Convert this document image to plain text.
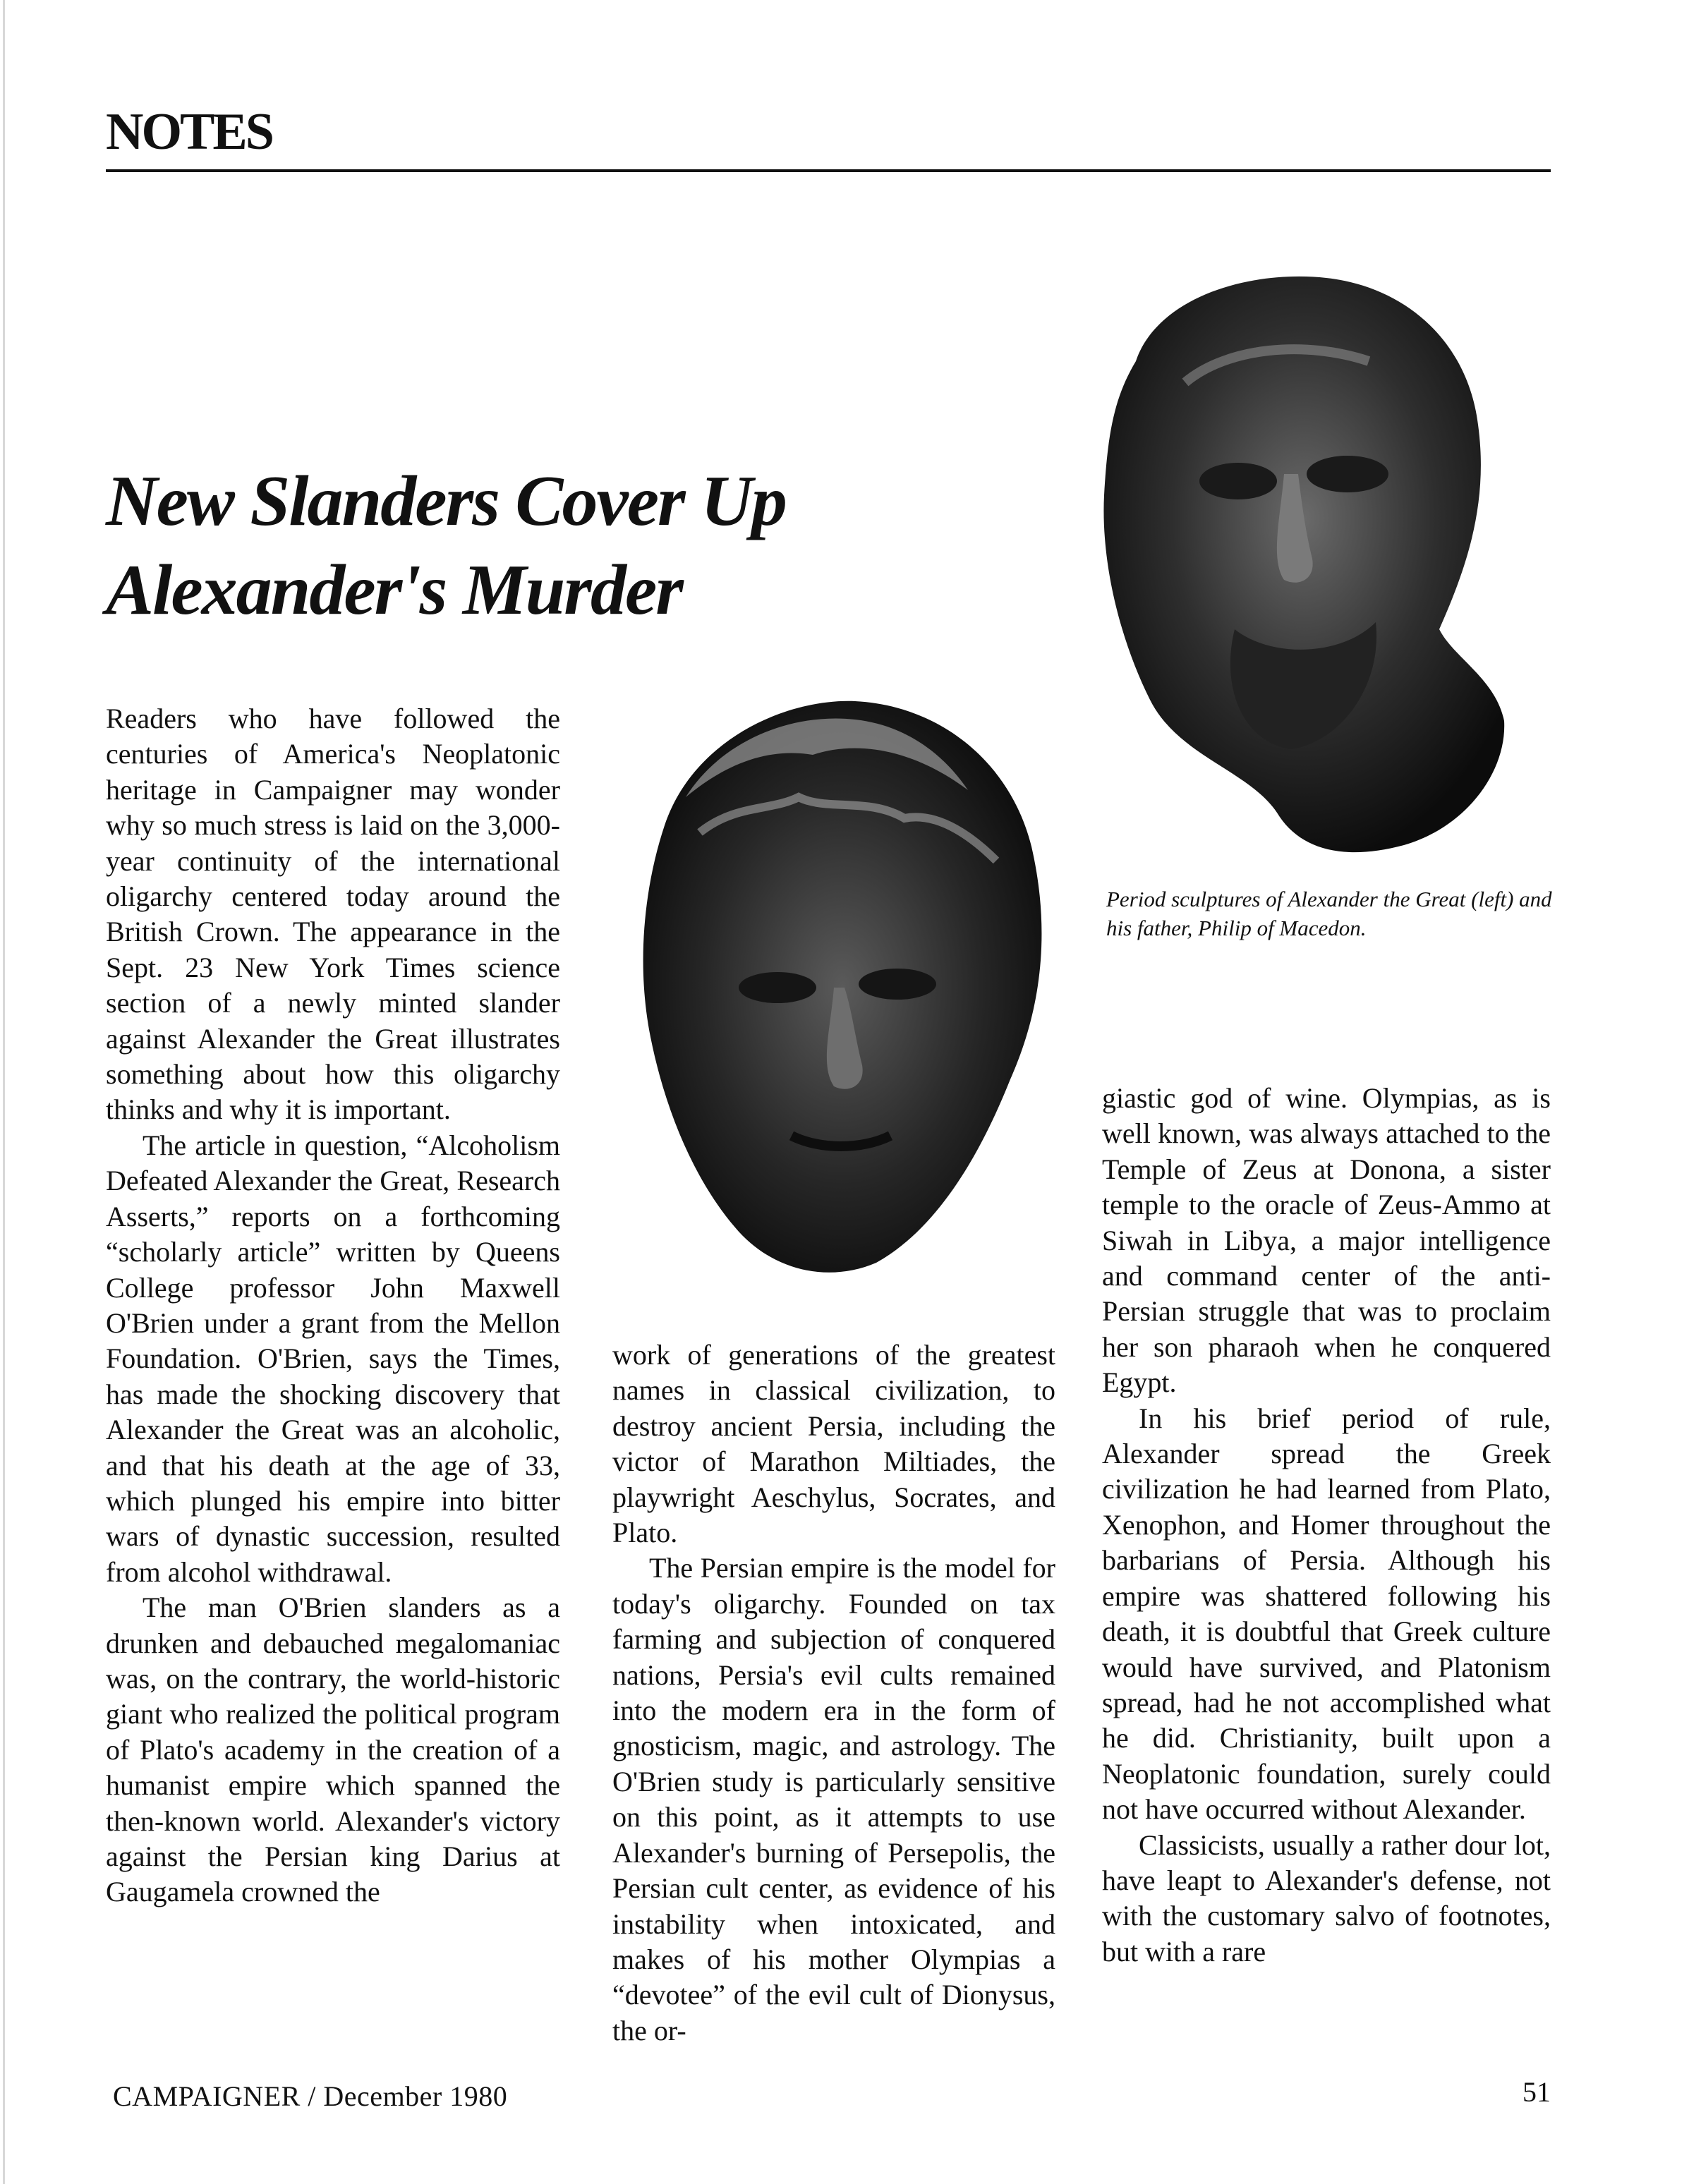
NOTES
New Slanders Cover Up
Alexander's Murder

Readers who have followed the centuries of America's Neoplatonic heritage in Campaigner may wonder why so much stress is laid on the 3,000-year continuity of the international oligarchy centered today around the British Crown. The appearance in the Sept. 23 New York Times science section of a newly minted slander against Alexander the Great illustrates something about how this oligarchy thinks and why it is important.

The article in question, “Alcoholism Defeated Alexander the Great, Research Asserts,” reports on a forthcoming “scholarly article” written by Queens College professor John Maxwell O'Brien under a grant from the Mellon Foundation. O'Brien, says the Times, has made the shocking discovery that Alexander the Great was an alcoholic, and that his death at the age of 33, which plunged his empire into bitter wars of dynastic succession, resulted from alcohol withdrawal.

The man O'Brien slanders as a drunken and debauched megalomaniac was, on the contrary, the world-historic giant who realized the political program of Plato's academy in the creation of a humanist empire which spanned the then-known world. Alexander's victory against the Persian king Darius at Gaugamela crowned the

work of generations of the greatest names in classical civilization, to destroy ancient Persia, including the victor of Marathon Miltiades, the playwright Aeschylus, Socrates, and Plato.

The Persian empire is the model for today's oligarchy. Founded on tax farming and subjection of conquered nations, Persia's evil cults remained into the modern era in the form of gnosticism, magic, and astrology. The O'Brien study is particularly sensitive on this point, as it attempts to use Alexander's burning of Persepolis, the Persian cult center, as evidence of his instability when intoxicated, and makes of his mother Olympias a “devotee” of the evil cult of Dionysus, the or-

Period sculptures of Alexander the Great (left) and his father, Philip of Macedon.

giastic god of wine. Olympias, as is well known, was always attached to the Temple of Zeus at Donona, a sister temple to the oracle of Zeus-Ammo at Siwah in Libya, a major intelligence and command center of the anti-Persian struggle that was to proclaim her son pharaoh when he conquered Egypt.

In his brief period of rule, Alexander spread the Greek civilization he had learned from Plato, Xenophon, and Homer throughout the barbarians of Persia. Although his empire was shattered following his death, it is doubtful that Greek culture would have survived, and Platonism spread, had he not accomplished what he did. Christianity, built upon a Neoplatonic foundation, surely could not have occurred without Alexander.

Classicists, usually a rather dour lot, have leapt to Alexander's defense, not with the customary salvo of footnotes, but with a rare

CAMPAIGNER / December 1980	51
